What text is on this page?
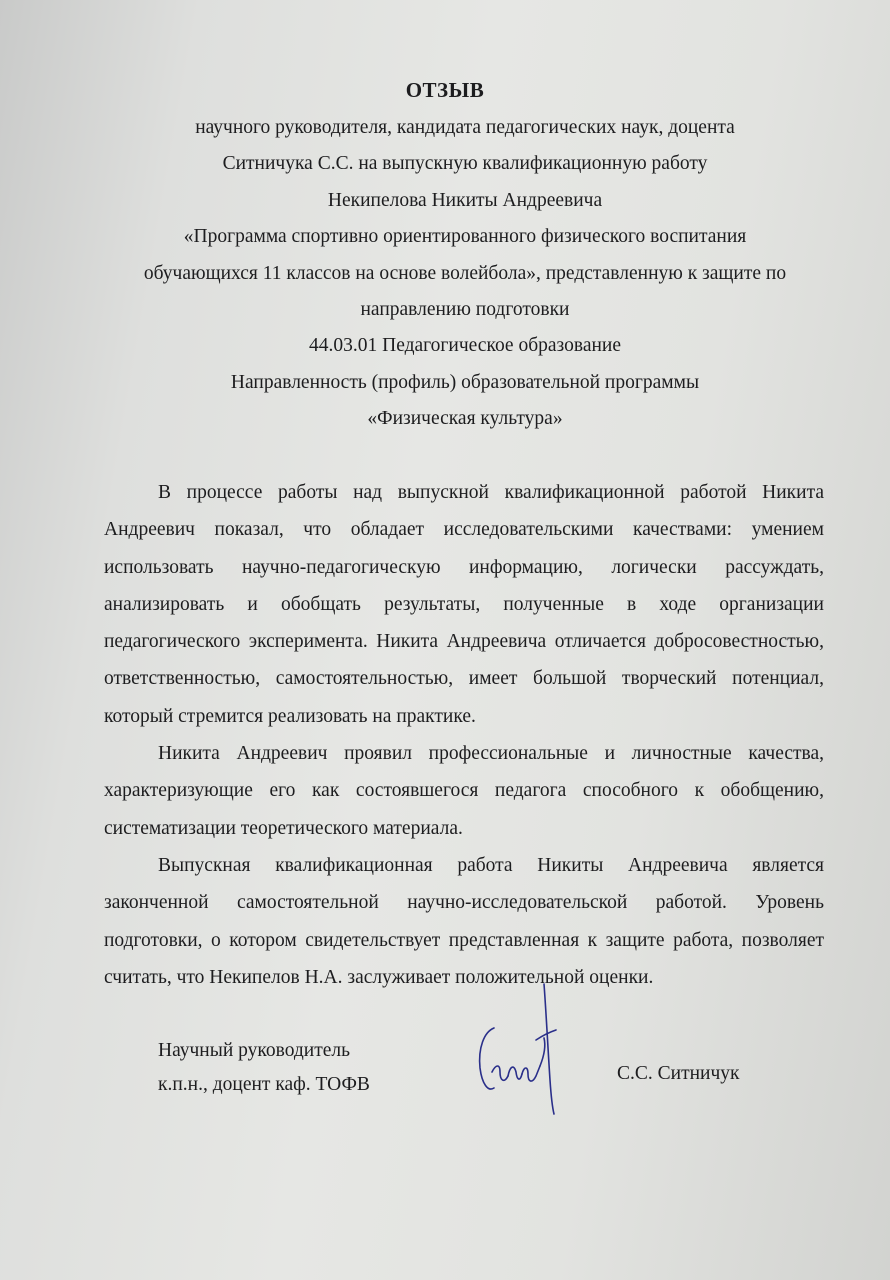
ОТЗЫВ
научного руководителя, кандидата педагогических наук, доцента
Ситничука С.С. на выпускную квалификационную работу
Некипелова Никиты Андреевича
«Программа спортивно ориентированного физического воспитания
обучающихся 11 классов на основе волейбола», представленную к защите по
направлению подготовки
44.03.01 Педагогическое образование
Направленность (профиль) образовательной программы
«Физическая культура»

В процессе работы над выпускной квалификационной работой Никита Андреевич показал, что обладает исследовательскими качествами: умением использовать научно-педагогическую информацию, логически рассуждать, анализировать и обобщать результаты, полученные в ходе организации педагогического эксперимента. Никита Андреевича отличается добросовестностью, ответственностью, самостоятельностью, имеет большой творческий потенциал, который стремится реализовать на практике.

Никита Андреевич проявил профессиональные и личностные качества, характеризующие его как состоявшегося педагога способного к обобщению, систематизации теоретического материала.

Выпускная квалификационная работа Никиты Андреевича является законченной самостоятельной научно-исследовательской работой. Уровень подготовки, о котором свидетельствует представленная к защите работа, позволяет считать, что Некипелов Н.А. заслуживает положительной оценки.

Научный руководитель
к.п.н., доцент каф. ТОФВ
С.С. Ситничук
